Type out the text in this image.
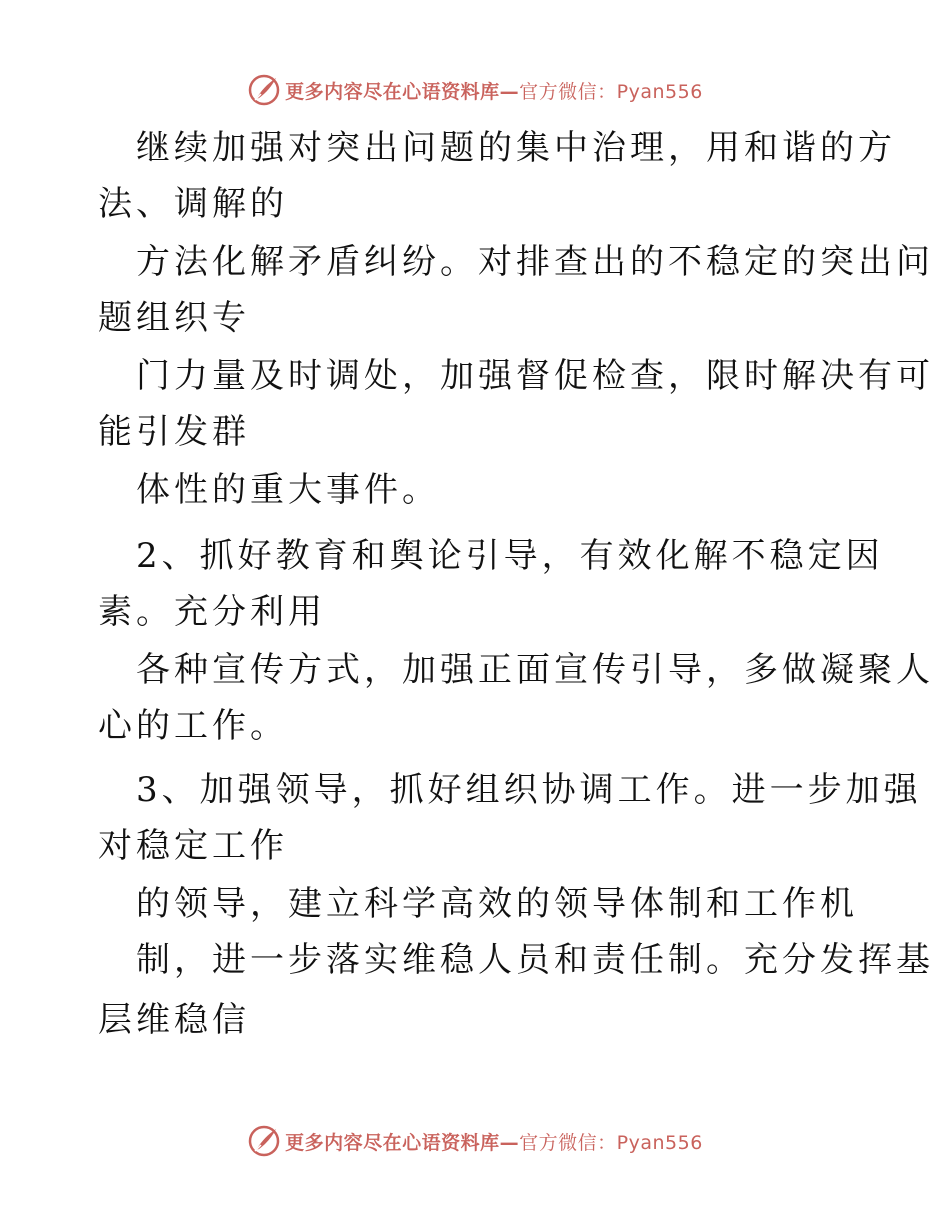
更多内容尽在心语资料库—官方微信：Pyan556
继续加强对突出问题的集中治理，用和谐的方
法、调解的
方法化解矛盾纠纷。对排查出的不稳定的突出问
题组织专
门力量及时调处，加强督促检查，限时解决有可
能引发群
体性的重大事件。
2、抓好教育和舆论引导，有效化解不稳定因
素。充分利用
各种宣传方式，加强正面宣传引导，多做凝聚人
心的工作。
3、加强领导，抓好组织协调工作。进一步加强
对稳定工作
的领导，建立科学高效的领导体制和工作机
制，进一步落实维稳人员和责任制。充分发挥基
层维稳信
更多内容尽在心语资料库—官方微信：Pyan556
